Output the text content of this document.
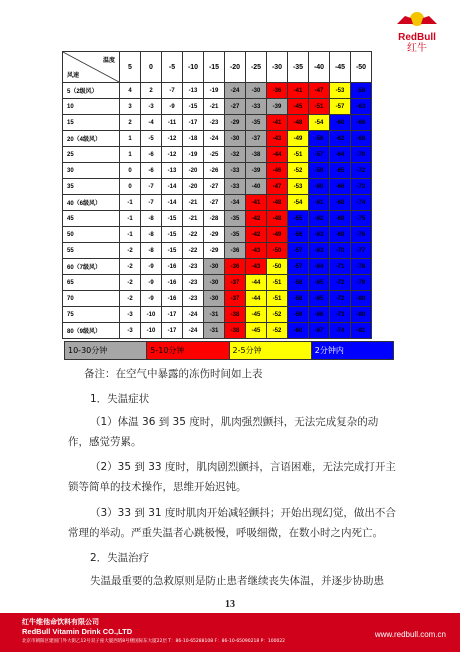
RedBull
红牛
温度
风速	5	0	-5	-10	-15	-20	-25	-30	-35	-40	-45	-50
5（2级风）	4	2	-7	-13	-19	-24	-30	-36	-41	-47	-53	-58
10	3	-3	-9	-15	-21	-27	-33	-39	-45	-51	-57	-63
15	2	-4	-11	-17	-23	-29	-35	-41	-48	-54	-60	-66
20（4级风）	1	-5	-12	-18	-24	-30	-37	-43	-49	-56	-62	-68
25	1	-6	-12	-19	-25	-32	-38	-44	-51	-57	-64	-70
30	0	-6	-13	-20	-26	-33	-39	-46	-52	-59	-65	-72
35	0	-7	-14	-20	-27	-33	-40	-47	-53	-60	-66	-73
40（6级风）	-1	-7	-14	-21	-27	-34	-41	-48	-54	-61	-68	-74
45	-1	-8	-15	-21	-28	-35	-42	-48	-55	-62	-69	-75
50	-1	-8	-15	-22	-29	-35	-42	-49	-56	-63	-69	-76
55	-2	-8	-15	-22	-29	-36	-43	-50	-57	-63	-70	-77
60（7级风）	-2	-9	-16	-23	-30	-36	-43	-50	-57	-64	-71	-78
65	-2	-9	-16	-23	-30	-37	-44	-51	-58	-65	-72	-79
70	-2	-9	-16	-23	-30	-37	-44	-51	-58	-65	-72	-80
75	-3	-10	-17	-24	-31	-38	-45	-52	-59	-66	-73	-80
80（9级风）	-3	-10	-17	-24	-31	-38	-45	-52	-60	-67	-74	-81
10-30分钟	5-10分钟	2-5分钟	2分钟内
备注：在空气中暴露的冻伤时间如上表
1．失温症状
（1）体温 36 到 35 度时，肌肉强烈颤抖，无法完成复杂的动作，感觉劳累。
（2）35 到 33 度时，肌肉剧烈颤抖，言语困难，无法完成打开主锁等简单的技术操作，思维开始迟钝。
（3）33 到 31 度时肌肉开始减轻颤抖；开始出现幻觉，做出不合常理的举动。严重失温者心跳极慢，呼吸细微，在数小时之内死亡。
2．失温治疗
失温最重要的急救原则是防止患者继续丧失体温，并逐步协助患
13
红牛维他命饮料有限公司
RedBull Vitamin Drink CO.,LTD
北京市朝阳区建国门外大街乙12号双子座大厦西塔8号楼国际东大厦22层 T：86-10-65288108 F：86-10-65090218 P：100022
www.redbull.com.cn
